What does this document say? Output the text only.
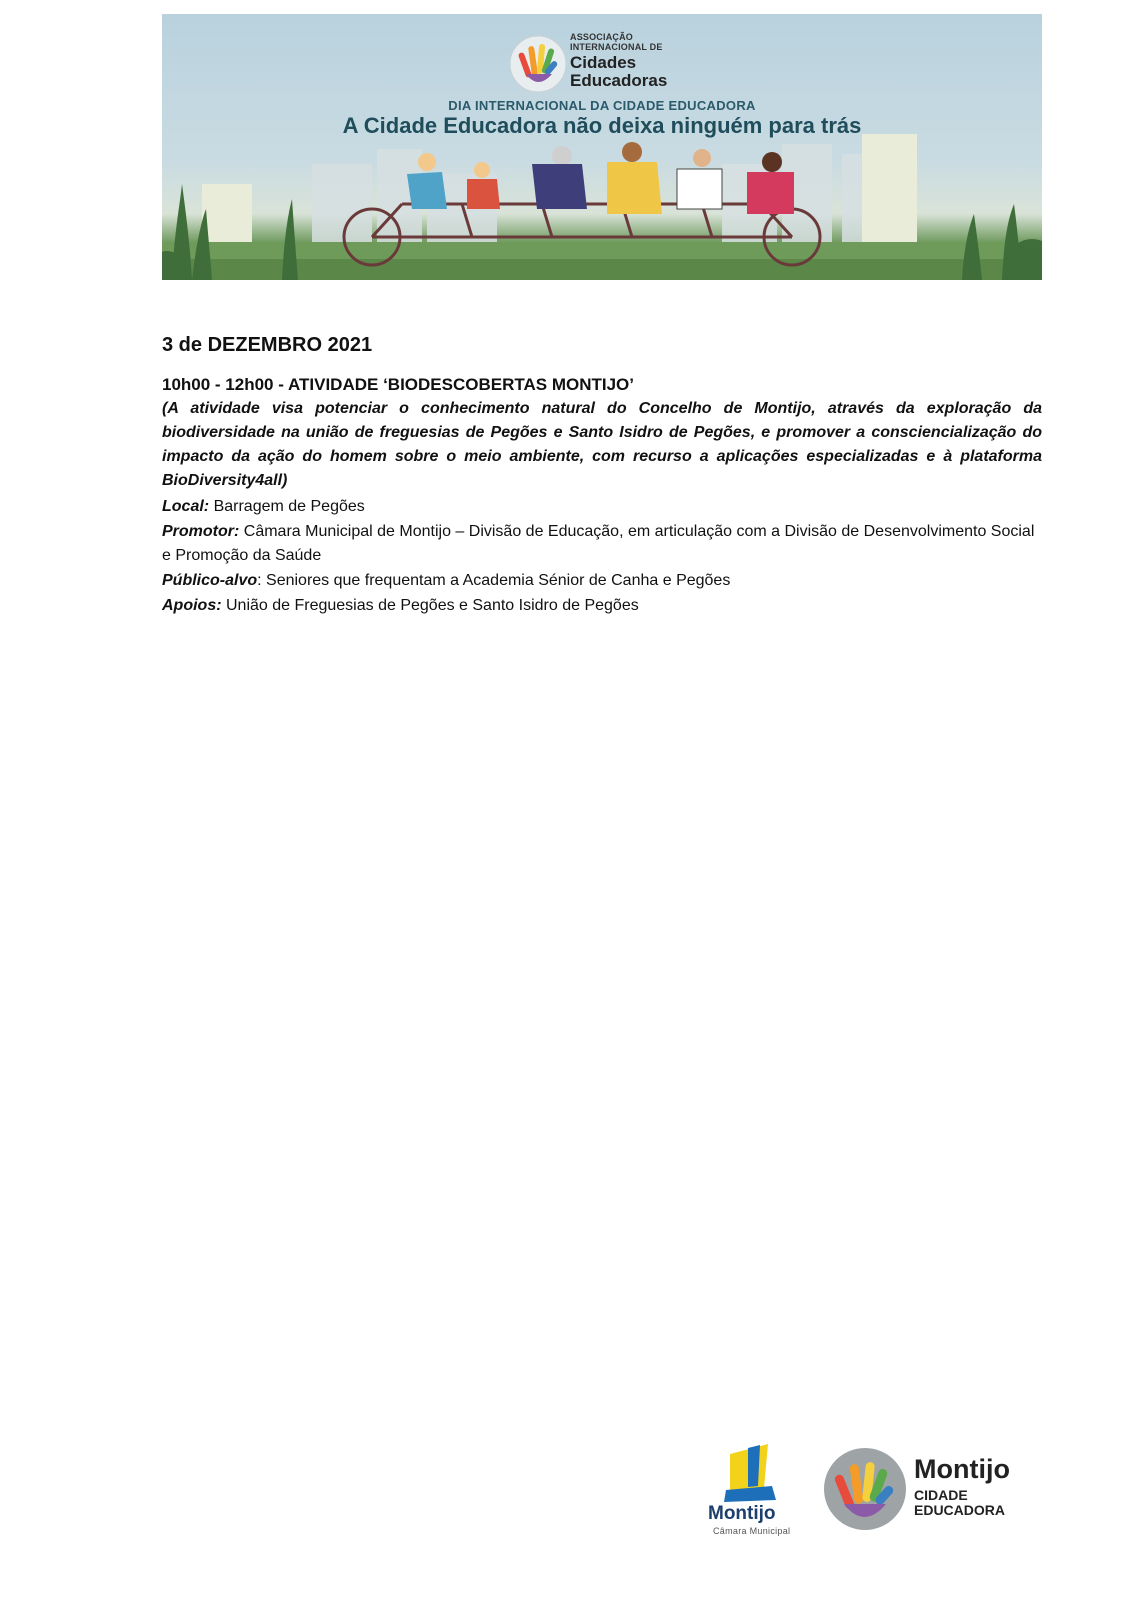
ASSOCIAÇÃO
INTERNACIONAL DE
Cidades
Educadoras
DIA INTERNACIONAL DA CIDADE EDUCADORA
A Cidade Educadora não deixa ninguém para trás

3 de DEZEMBRO 2021

10h00 - 12h00 - ATIVIDADE ‘BIODESCOBERTAS MONTIJO’

(A atividade visa potenciar o conhecimento natural do Concelho de Montijo, através da exploração da biodiversidade na união de freguesias de Pegões e Santo Isidro de Pegões, e promover a consciencialização do impacto da ação do homem sobre o meio ambiente, com recurso a aplicações especializadas e à plataforma BioDiversity4all)

Local: Barragem de Pegões

Promotor: Câmara Municipal de Montijo – Divisão de Educação, em articulação com a Divisão de Desenvolvimento Social e Promoção da Saúde

Público-alvo: Seniores que frequentam a Academia Sénior de Canha e Pegões

Apoios: União de Freguesias de Pegões e Santo Isidro de Pegões

Montijo
Câmara Municipal
Montijo
CIDADE
EDUCADORA
